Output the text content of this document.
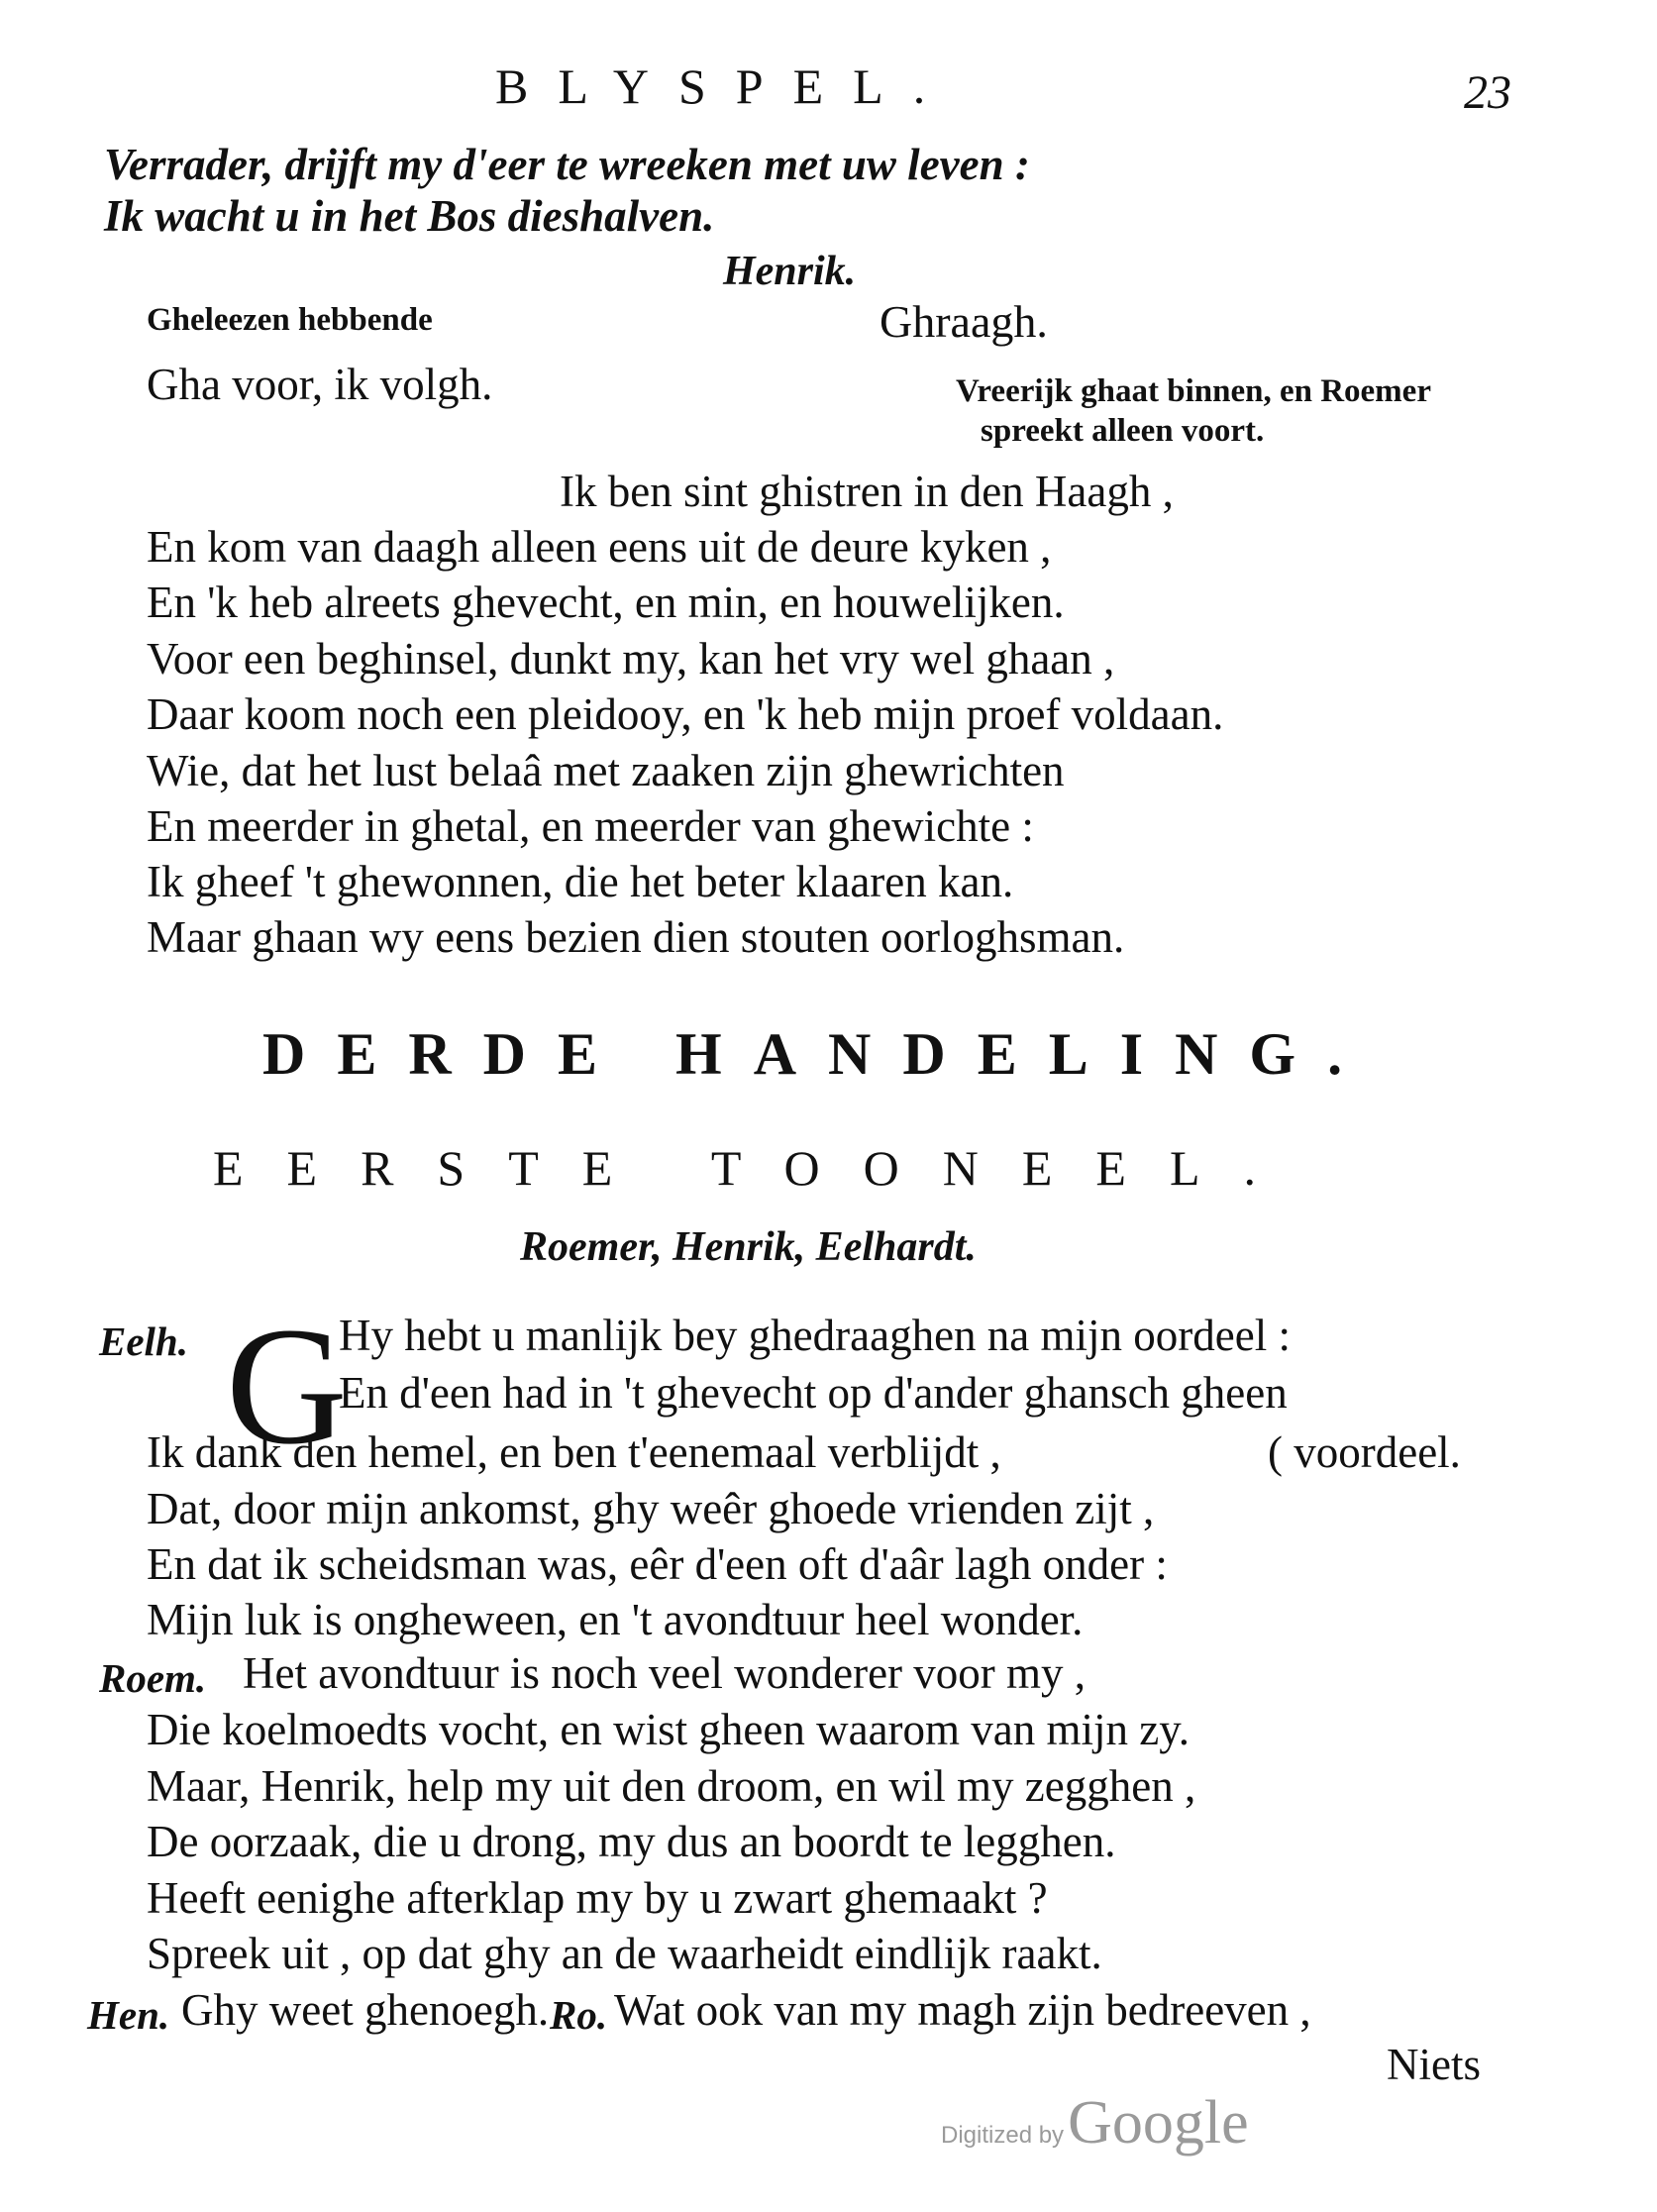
BLYSPEL.	23
Verrader, drijft my d'eer te wreeken met uw leven :
Ik wacht u in het Bos dieshalven.
Henrik.
Gheleezen hebbende	Ghraagh.
Gha voor, ik volgh.	Vreerijk ghaat binnen, en Roemer
spreekt alleen voort.
Ik ben sint ghistren in den Haagh ,
En kom van daagh alleen eens uit de deure kyken ,
En 'k heb alreets ghevecht, en min, en houwelijken.
Voor een beghinsel, dunkt my, kan het vry wel ghaan ,
Daar koom noch een pleidooy, en 'k heb mijn proef voldaan.
Wie, dat het lust belaâ met zaaken zijn ghewrichten
En meerder in ghetal, en meerder van ghewichte :
Ik gheef 't ghewonnen, die het beter klaaren kan.
Maar ghaan wy eens bezien dien stouten oorloghsman.
DERDE HANDELING.
EERSTE TOONEEL.
Roemer, Henrik, Eelhardt.
Eelh. G
Hy hebt u manlijk bey ghedraaghen na mijn oordeel :
En d'een had in 't ghevecht op d'ander ghansch gheen
Ik dank den hemel, en ben t'eenemaal verblijdt ,	( voordeel.
Dat, door mijn ankomst, ghy weêr ghoede vrienden zijt ,
En dat ik scheidsman was, eêr d'een oft d'aâr lagh onder :
Mijn luk is ongheween, en 't avondtuur heel wonder.
Roem. Het avondtuur is noch veel wonderer voor my ,
Die koelmoedts vocht, en wist gheen waarom van mijn zy.
Maar, Henrik, help my uit den droom, en wil my zegghen ,
De oorzaak, die u drong, my dus an boordt te legghen.
Heeft eenighe afterklap my by u zwart ghemaakt ?
Spreek uit , op dat ghy an de waarheidt eindlijk raakt.
Hen. Ghy weet ghenoegh. Ro. Wat ook van my magh zijn bedreeven ,
Niets
Digitized by Google
